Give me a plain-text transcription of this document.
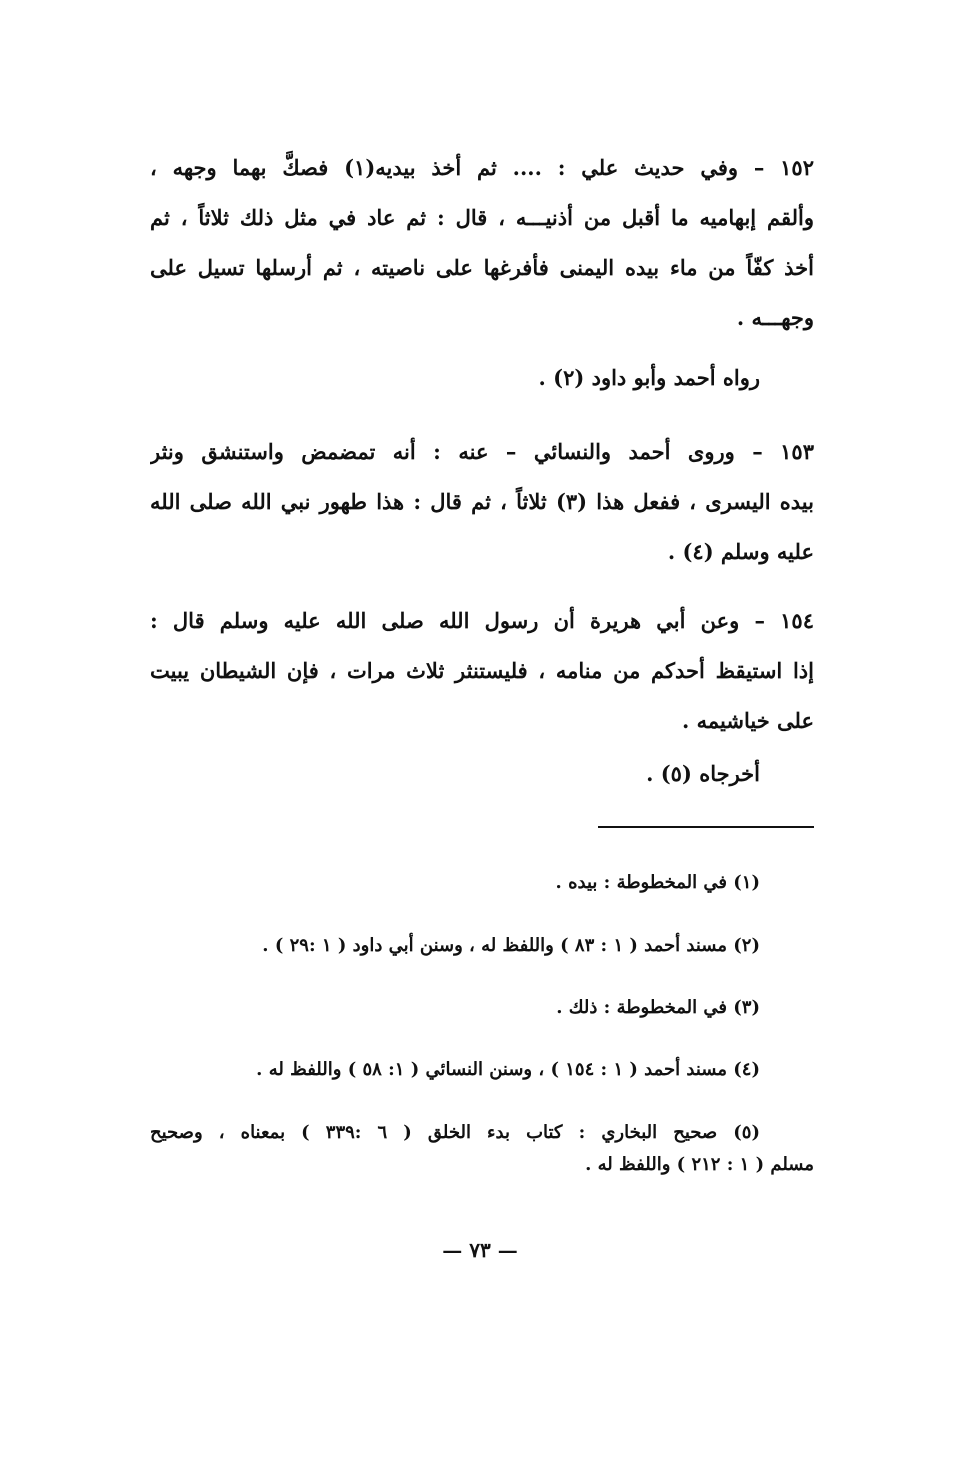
١٥٢ – وفي حديث علي : .... ثم أخذ بيديه(١) فصكَّ بهما وجهه ،
وألقم إبهاميه ما أقبل من أذنيـــه ، قال : ثم عاد في مثل ذلك ثلاثاً ، ثم
أخذ كفّاً من ماء بيده اليمنى فأفرغها على ناصيته ، ثم أرسلها تسيل على
وجهـــه .

رواه أحمد وأبو داود (٢) .

١٥٣ – وروى أحمد والنسائي – عنه : أنه تمضمض واستنشق ونثر
بيده اليسرى ، ففعل هذا (٣) ثلاثاً ، ثم قال : هذا طهور نبي الله صلى الله
عليه وسلم (٤) .
١٥٤ – وعن أبي هريرة أن رسول الله صلى الله عليه وسلم قال :
إذا استيقظ أحدكم من منامه ، فليستنثر ثلاث مرات ، فإن الشيطان يبيت
على خياشيمه .

أخرجاه (٥) .

(١) في المخطوطة : بيده .

(٢) مسند أحمد ( ١ : ٨٣ ) واللفظ له ، وسنن أبي داود ( ١ :٢٩ ) .

(٣) في المخطوطة : ذلك .

(٤) مسند أحمد ( ١ : ١٥٤ ) ، وسنن النسائي ( ١: ٥٨ ) واللفظ له .

(٥) صحيح البخاري : كتاب بدء الخلق ( ٦ :٣٣٩ ) بمعناه ، وصحيح
مسلم ( ١ : ٢١٢ ) واللفظ له .
— ٧٣ —
